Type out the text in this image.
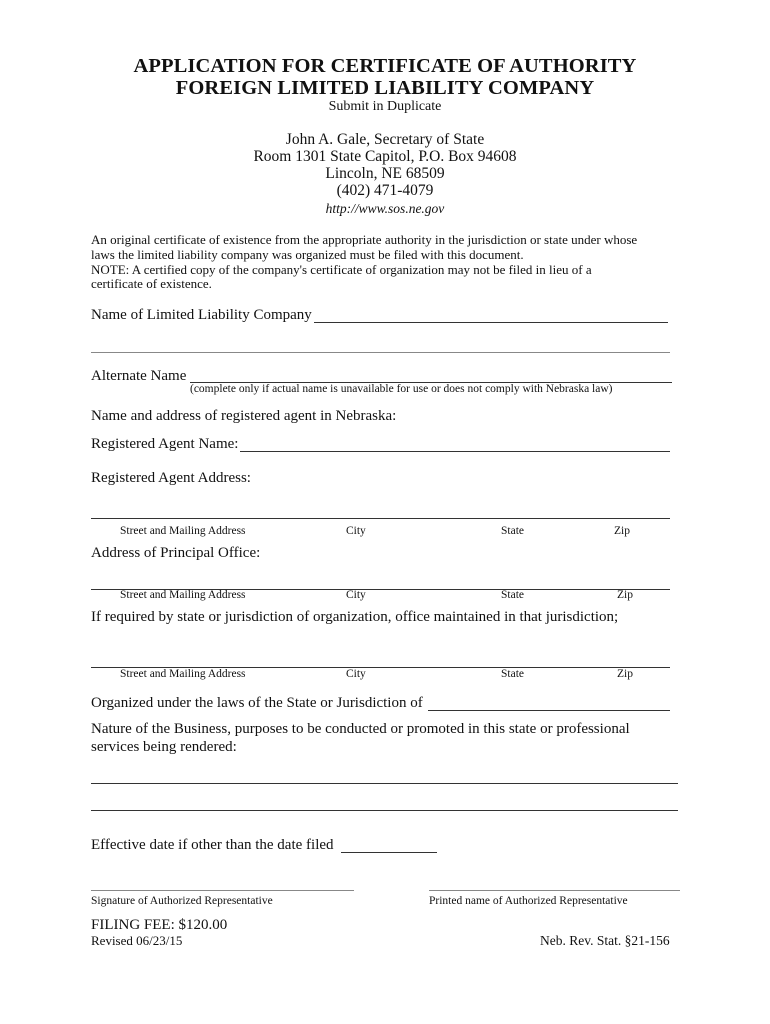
APPLICATION FOR CERTIFICATE OF AUTHORITY
FOREIGN LIMITED LIABILITY COMPANY
Submit in Duplicate
John A. Gale, Secretary of State
Room 1301 State Capitol, P.O. Box 94608
Lincoln, NE 68509
(402) 471-4079
http://www.sos.ne.gov
An original certificate of existence from the appropriate authority in the jurisdiction or state under whose
laws the limited liability company was organized must be filed with this document.
NOTE: A certified copy of the company's certificate of organization may not be filed in lieu of a
certificate of existence.
Name of Limited Liability Company
Alternate Name
(complete only if actual name is unavailable for use or does not comply with Nebraska law)
Name and address of registered agent in Nebraska:
Registered Agent Name:
Registered Agent Address:
Street and Mailing Address	City	State	Zip
Address of Principal Office:
Street and Mailing Address	City	State	Zip
If required by state or jurisdiction of organization, office maintained in that jurisdiction;
Street and Mailing Address	City	State	Zip
Organized under the laws of the State or Jurisdiction of
Nature of the Business, purposes to be conducted or promoted in this state or professional
services being rendered:
Effective date if other than the date filed
Signature of Authorized Representative	Printed name of Authorized Representative
FILING FEE: $120.00
Revised 06/23/15	Neb. Rev. Stat. §21-156
